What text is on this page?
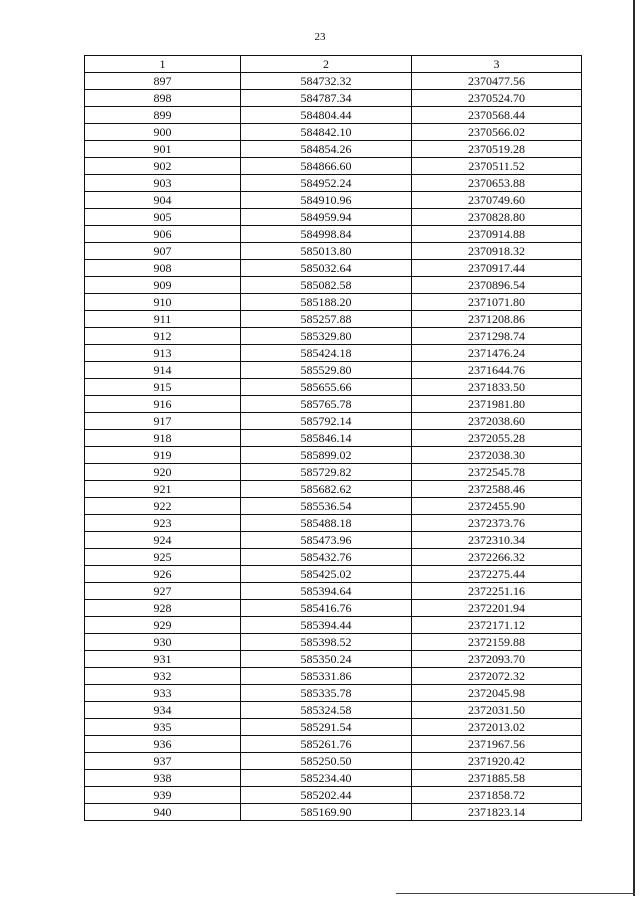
23
1	2	3
897	584732.32	2370477.56
898	584787.34	2370524.70
899	584804.44	2370568.44
900	584842.10	2370566.02
901	584854.26	2370519.28
902	584866.60	2370511.52
903	584952.24	2370653.88
904	584910.96	2370749.60
905	584959.94	2370828.80
906	584998.84	2370914.88
907	585013.80	2370918.32
908	585032.64	2370917.44
909	585082.58	2370896.54
910	585188.20	2371071.80
911	585257.88	2371208.86
912	585329.80	2371298.74
913	585424.18	2371476.24
914	585529.80	2371644.76
915	585655.66	2371833.50
916	585765.78	2371981.80
917	585792.14	2372038.60
918	585846.14	2372055.28
919	585899.02	2372038.30
920	585729.82	2372545.78
921	585682.62	2372588.46
922	585536.54	2372455.90
923	585488.18	2372373.76
924	585473.96	2372310.34
925	585432.76	2372266.32
926	585425.02	2372275.44
927	585394.64	2372251.16
928	585416.76	2372201.94
929	585394.44	2372171.12
930	585398.52	2372159.88
931	585350.24	2372093.70
932	585331.86	2372072.32
933	585335.78	2372045.98
934	585324.58	2372031.50
935	585291.54	2372013.02
936	585261.76	2371967.56
937	585250.50	2371920.42
938	585234.40	2371885.58
939	585202.44	2371858.72
940	585169.90	2371823.14
